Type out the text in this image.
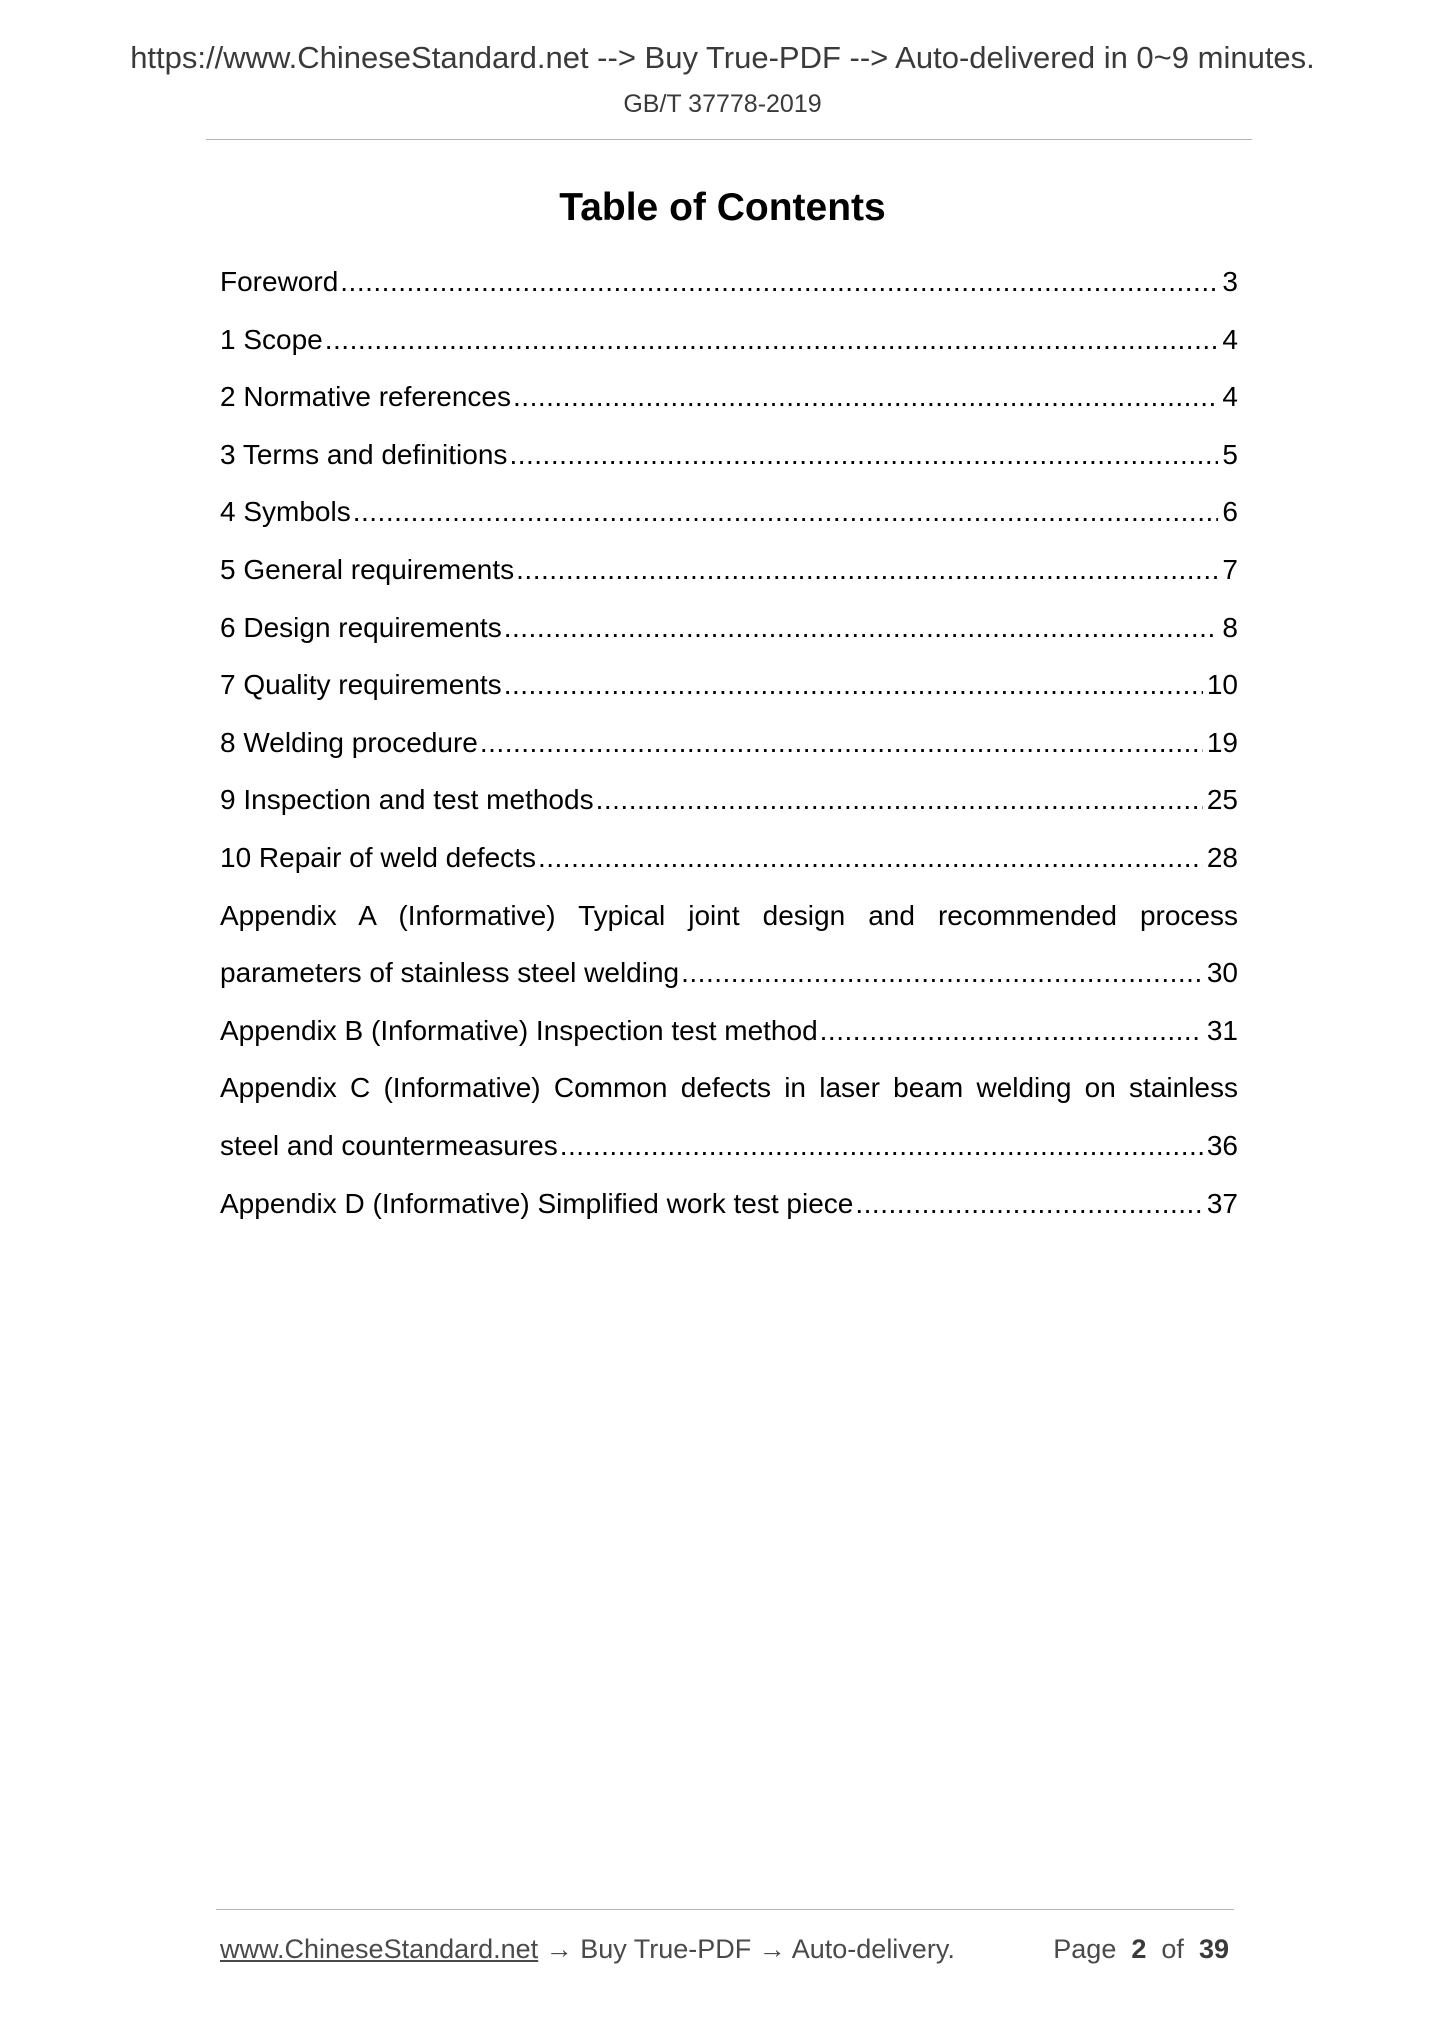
https://www.ChineseStandard.net --> Buy True-PDF --> Auto-delivered in 0~9 minutes.
GB/T 37778-2019
Table of Contents
Foreword .....	3
1 Scope .....	4
2 Normative references .....	4
3 Terms and definitions .....	5
4 Symbols .....	6
5 General requirements .....	7
6 Design requirements .....	8
7 Quality requirements .....	10
8 Welding procedure .....	19
9 Inspection and test methods .....	25
10 Repair of weld defects .....	28
Appendix A (Informative) Typical joint design and recommended process
parameters of stainless steel welding .....	30
Appendix B (Informative) Inspection test method .....	31
Appendix C (Informative) Common defects in laser beam welding on stainless
steel and countermeasures .....	36
Appendix D (Informative) Simplified work test piece .....	37
www.ChineseStandard.net → Buy True-PDF → Auto-delivery.	Page 2 of 39
